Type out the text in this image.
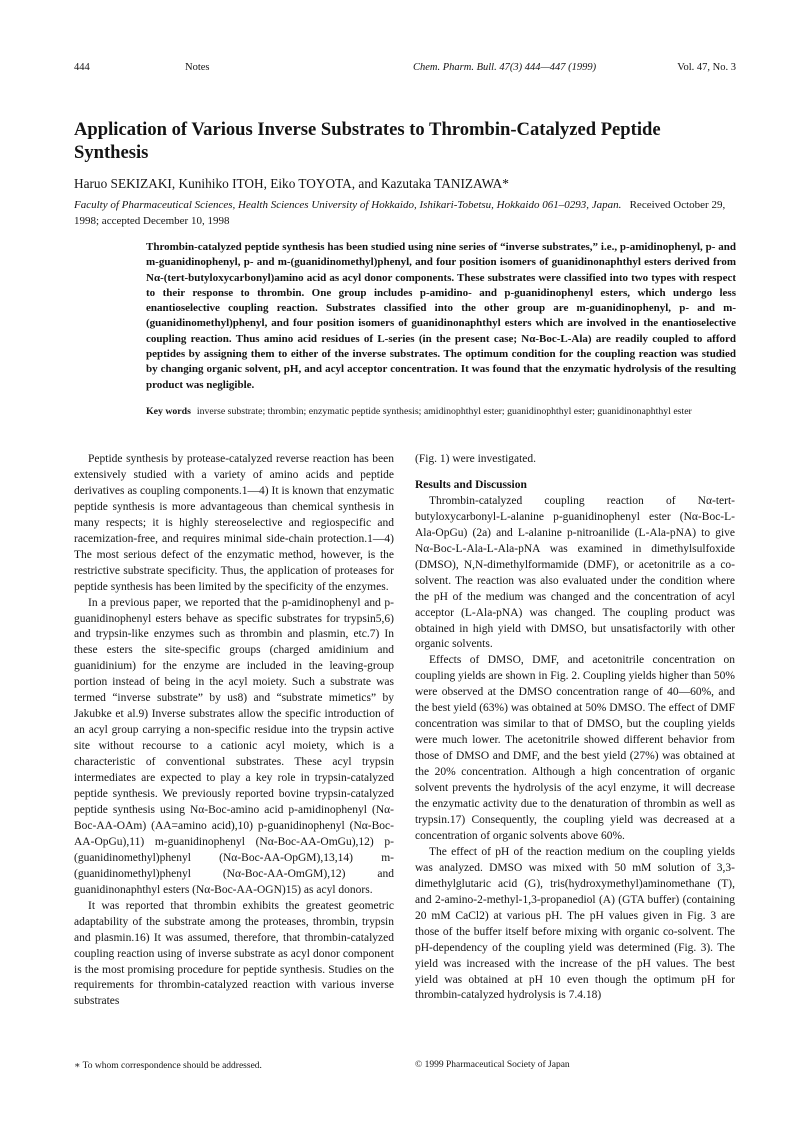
444	Notes	Chem. Pharm. Bull. 47(3) 444—447 (1999)	Vol. 47, No. 3
Application of Various Inverse Substrates to Thrombin-Catalyzed Peptide Synthesis
Haruo SEKIZAKI, Kunihiko ITOH, Eiko TOYOTA, and Kazutaka TANIZAWA*
Faculty of Pharmaceutical Sciences, Health Sciences University of Hokkaido, Ishikari-Tobetsu, Hokkaido 061–0293, Japan. Received October 29, 1998; accepted December 10, 1998

Thrombin-catalyzed peptide synthesis has been studied using nine series of “inverse substrates,” i.e., p-amidinophenyl, p- and m-guanidinophenyl, p- and m-(guanidinomethyl)phenyl, and four position isomers of guanidinonaphthyl esters derived from Nα-(tert-butyloxycarbonyl)amino acid as acyl donor components. These substrates were classified into two types with respect to their response to thrombin. One group includes p-amidino- and p-guanidinophenyl esters, which undergo less enantioselective coupling reaction. Substrates classified into the other group are m-guanidinophenyl, p- and m-(guanidinomethyl)phenyl, and four position isomers of guanidinonaphthyl esters which are involved in the enantioselective coupling reaction. Thus amino acid residues of L-series (in the present case; Nα-Boc-L-Ala) are readily coupled to afford peptides by assigning them to either of the inverse substrates. The optimum condition for the coupling reaction was studied by changing organic solvent, pH, and acyl acceptor concentration. It was found that the enzymatic hydrolysis of the resulting product was negligible.

Key words inverse substrate; thrombin; enzymatic peptide synthesis; amidinophthyl ester; guanidinophthyl ester; guanidinonaphthyl ester

Peptide synthesis by protease-catalyzed reverse reaction has been extensively studied with a variety of amino acids and peptide derivatives as coupling components.1—4) It is known that enzymatic peptide synthesis is more advantageous than chemical synthesis in many respects; it is highly stereoselective and regiospecific and racemization-free, and requires minimal side-chain protection.1—4) The most serious defect of the enzymatic method, however, is the restrictive substrate specificity. Thus, the application of proteases for peptide synthesis has been limited by the specificity of the enzymes.

In a previous paper, we reported that the p-amidinophenyl and p-guanidinophenyl esters behave as specific substrates for trypsin5,6) and trypsin-like enzymes such as thrombin and plasmin, etc.7) In these esters the site-specific groups (charged amidinium and guanidinium) for the enzyme are included in the leaving-group portion instead of being in the acyl moiety. Such a substrate was termed “inverse substrate” by us8) and “substrate mimetics” by Jakubke et al.9) Inverse substrates allow the specific introduction of an acyl group carrying a non-specific residue into the trypsin active site without recourse to a cationic acyl moiety, which is a characteristic of conventional substrates. These acyl trypsin intermediates are expected to play a key role in trypsin-catalyzed peptide synthesis. We previously reported bovine trypsin-catalyzed peptide synthesis using Nα-Boc-amino acid p-amidinophenyl (Nα-Boc-AA-OAm) (AA=amino acid),10) p-guanidinophenyl (Nα-Boc-AA-OpGu),11) m-guanidinophenyl (Nα-Boc-AA-OmGu),12) p-(guanidinomethyl)phenyl (Nα-Boc-AA-OpGM),13,14) m-(guanidinomethyl)phenyl (Nα-Boc-AA-OmGM),12) and guanidinonaphthyl esters (Nα-Boc-AA-OGN)15) as acyl donors.

It was reported that thrombin exhibits the greatest geometric adaptability of the substrate among the proteases, thrombin, trypsin and plasmin.16) It was assumed, therefore, that thrombin-catalyzed coupling reaction using of inverse substrate as acyl donor component is the most promising procedure for peptide synthesis. Studies on the requirements for thrombin-catalyzed reaction with various inverse substrates

(Fig. 1) were investigated.

Results and Discussion

Thrombin-catalyzed coupling reaction of Nα-tert-butyloxycarbonyl-L-alanine p-guanidinophenyl ester (Nα-Boc-L-Ala-OpGu) (2a) and L-alanine p-nitroanilide (L-Ala-pNA) to give Nα-Boc-L-Ala-L-Ala-pNA was examined in dimethylsulfoxide (DMSO), N,N-dimethylformamide (DMF), or acetonitrile as a co-solvent. The reaction was also evaluated under the condition where the pH of the medium was changed and the concentration of acyl acceptor (L-Ala-pNA) was changed. The coupling product was obtained in high yield with DMSO, but unsatisfactorily with other organic solvents.

Effects of DMSO, DMF, and acetonitrile concentration on coupling yields are shown in Fig. 2. Coupling yields higher than 50% were observed at the DMSO concentration range of 40—60%, and the best yield (63%) was obtained at 50% DMSO. The effect of DMF concentration was similar to that of DMSO, but the coupling yields were much lower. The acetonitrile showed different behavior from those of DMSO and DMF, and the best yield (27%) was obtained at the 20% concentration. Although a high concentration of organic solvent prevents the hydrolysis of the acyl enzyme, it will decrease the enzymatic activity due to the denaturation of thrombin as well as trypsin.17) Consequently, the coupling yield was decreased at a concentration of organic solvents above 60%.

The effect of pH of the reaction medium on the coupling yields was analyzed. DMSO was mixed with 50 mM solution of 3,3-dimethylglutaric acid (G), tris(hydroxymethyl)aminomethane (T), and 2-amino-2-methyl-1,3-propanediol (A) (GTA buffer) (containing 20 mM CaCl2) at various pH. The pH values given in Fig. 3 are those of the buffer itself before mixing with organic co-solvent. The pH-dependency of the coupling yield was determined (Fig. 3). The yield was increased with the increase of the pH values. The best yield was obtained at pH 10 even though the optimum pH for thrombin-catalyzed hydrolysis is 7.4.18)

∗ To whom correspondence should be addressed.	© 1999 Pharmaceutical Society of Japan
